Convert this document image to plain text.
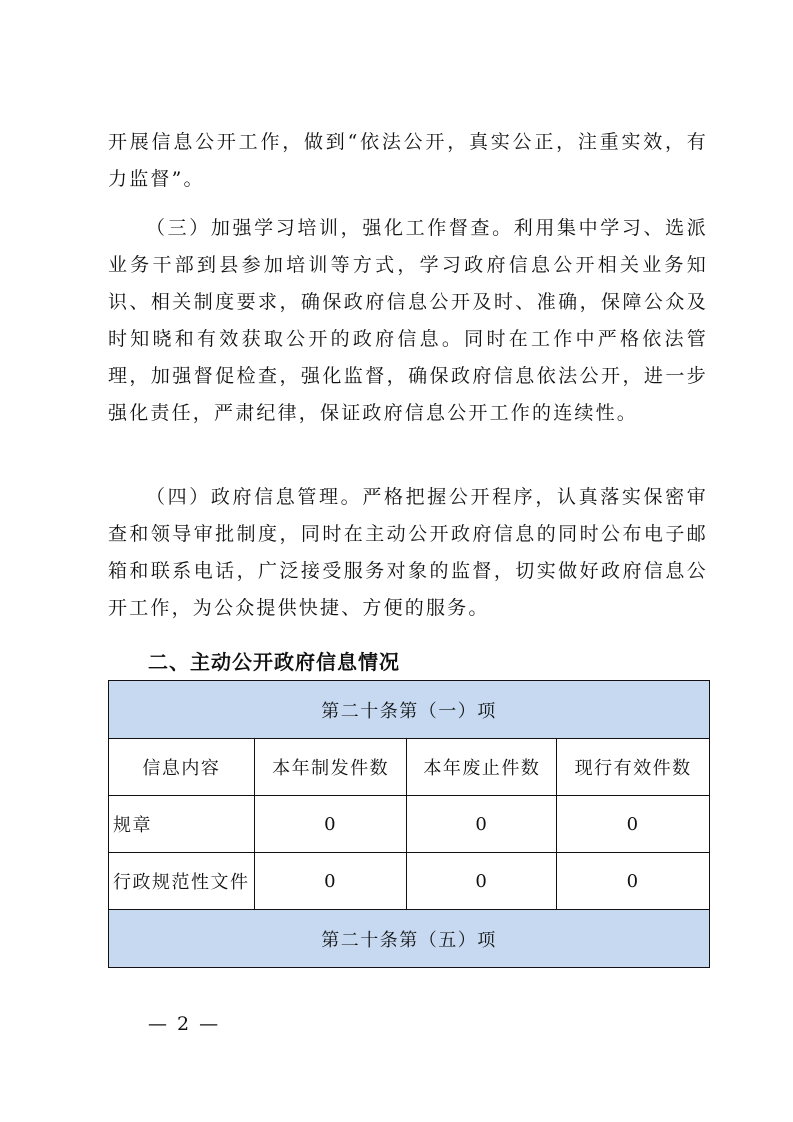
开展信息公开工作，做到“依法公开，真实公正，注重实效，有力监督”。

（三）加强学习培训，强化工作督查。利用集中学习、选派业务干部到县参加培训等方式，学习政府信息公开相关业务知识、相关制度要求，确保政府信息公开及时、准确，保障公众及时知晓和有效获取公开的政府信息。同时在工作中严格依法管理，加强督促检查，强化监督，确保政府信息依法公开，进一步强化责任，严肃纪律，保证政府信息公开工作的连续性。

（四）政府信息管理。严格把握公开程序，认真落实保密审查和领导审批制度，同时在主动公开政府信息的同时公布电子邮箱和联系电话，广泛接受服务对象的监督，切实做好政府信息公开工作，为公众提供快捷、方便的服务。

二、主动公开政府信息情况
第二十条第（一）项			
信息内容	本年制发件数	本年废止件数	现行有效件数
规章	0	0	0
行政规范性文件	0	0	0
第二十条第（五）项			
— 2 —
